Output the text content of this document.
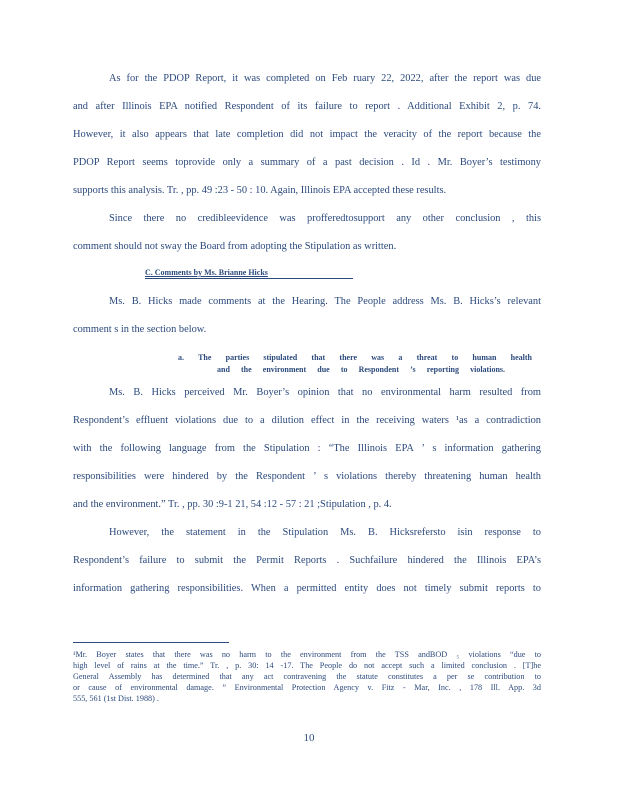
As for the PDOP Report, it was completed on Feb ruary 22, 2022, after the report was due
and after Illinois EPA notified Respondent of its failure to report . Additional Exhibit 2, p. 74.
However, it also appears that late completion did not impact the veracity of the report because the
PDOP Report seems toprovide only a summary of a past decision . Id . Mr. Boyer’s testimony
supports this analysis. Tr. , pp. 49 :23 - 50 : 10. Again, Illinois EPA accepted these results.
Since there no credibleevidence was profferedtosupport any other conclusion , this
comment should not sway the Board from adopting the Stipulation as written.
C. Comments by Ms. Brianne Hicks
Ms. B. Hicks made comments at the Hearing. The People address Ms. B. Hicks’s relevant
comment s in the section below.
a. The parties stipulated that there was a threat to human health
and the environment due to Respondent ’s reporting violations.
Ms. B. Hicks perceived Mr. Boyer’s opinion that no environmental harm resulted from
Respondent’s effluent violations due to a dilution effect in the receiving waters ¹as a contradiction
with the following language from the Stipulation : “The Illinois EPA ’ s information gathering
responsibilities were hindered by the Respondent ’ s violations thereby threatening human health
and the environment.” Tr. , pp. 30 :9-1 21, 54 :12 - 57 : 21 ;Stipulation , p. 4.
However, the statement in the Stipulation Ms. B. Hicksrefersto isin response to
Respondent’s failure to submit the Permit Reports . Suchfailure hindered the Illinois EPA’s
information gathering responsibilities. When a permitted entity does not timely submit reports to
¹Mr. Boyer states that there was no harm to the environment from the TSS andBOD ₅ violations “due to
high level of rains at the time.” Tr. , p. 30: 14 -17. The People do not accept such a limited conclusion . [T]he
General Assembly has determined that any act contravening the statute constitutes a per se contribution to
or cause of environmental damage. ” Environmental Protection Agency v. Fitz - Mar, Inc. , 178 Ill. App. 3d
555, 561 (1st Dist. 1988) .
10
